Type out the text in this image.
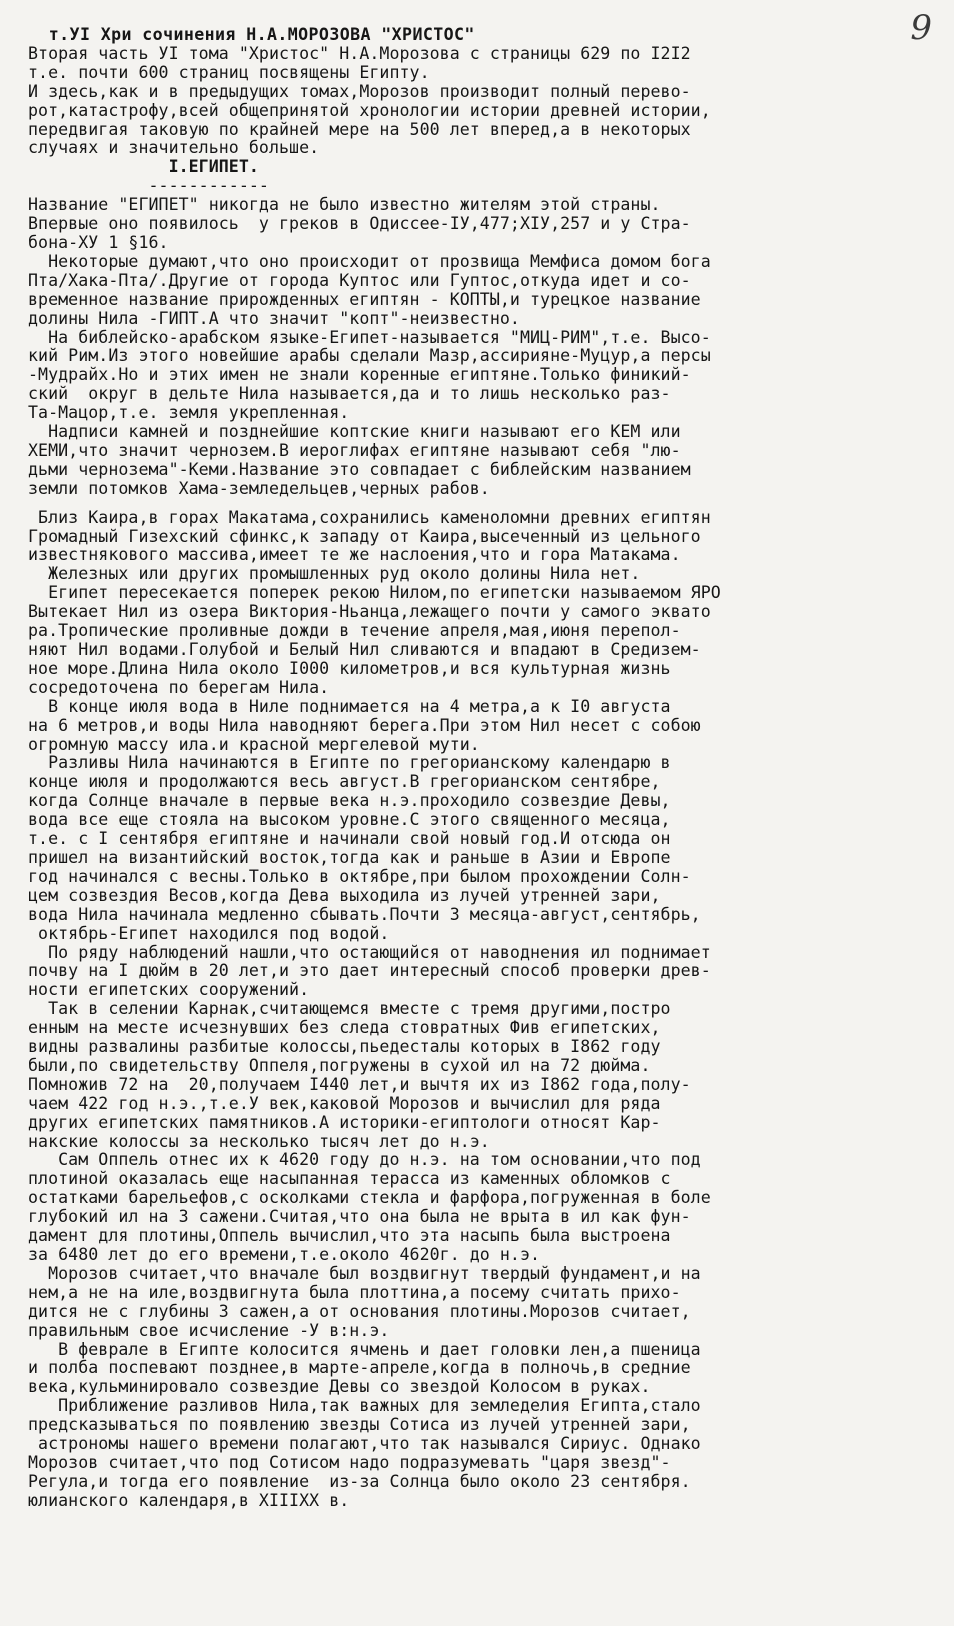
9

т.УI Хри сочинения Н.А.МОРОЗОВА "ХРИСТОС"

Вторая часть УI тома "Христос" Н.А.Морозова с страницы 629 по I2I2

т.е. почти 600 страниц посвящены Египту.

И здесь,как и в предыдущих томах,Морозов производит полный перево-

рот,катастрофу,всей общепринятой хронологии истории древней истории,

передвигая таковую по крайней мере на 500 лет вперед,а в некоторых

случаях и значительно больше.

I.ЕГИПЕТ.

------------

Название "ЕГИПЕТ" никогда не было известно жителям этой страны.

Впервые оно появилось  у греков в Одиссее-IУ,477;ХIУ,257 и у Стра-

бона-ХУ 1 §16.

Некоторые думают,что оно происходит от прозвища Мемфиса домом бога

Пта/Хака-Пта/.Другие от города Куптос или Гуптос,откуда идет и со-

временное название прирожденных египтян - КОПТЫ,и турецкое название

долины Нила -ГИПТ.А что значит "копт"-неизвестно.

На библейско-арабском языке-Египет-называется "МИЦ-РИМ",т.е. Высо-

кий Рим.Из этого новейшие арабы сделали Мазр,ассирияне-Муцур,а персы

-Мудрайх.Но и этих имен не знали коренные египтяне.Только финикий-

ский  округ в дельте Нила называется,да и то лишь несколько раз-

Та-Мацор,т.е. земля укрепленная.

Надписи камней и позднейшие коптские книги называют его КЕМ или

ХЕМИ,что значит чернозем.В иероглифах египтяне называют себя "лю-

дьми чернозема"-Кеми.Название это совпадает с библейским названием

земли потомков Хама-земледельцев,черных рабов.

Близ Каира,в горах Макатама,сохранились каменоломни древних египтян

Громадный Гизехский сфинкс,к западу от Каира,высеченный из цельного

известнякового массива,имеет те же наслоения,что и гора Матакама.

Железных или других промышленных руд около долины Нила нет.

Египет пересекается поперек рекою Нилом,по египетски называемом ЯРО

Вытекает Нил из озера Виктория-Ньанца,лежащего почти у самого эквато

ра.Тропические проливные дожди в течение апреля,мая,июня перепол-

няют Нил водами.Голубой и Белый Нил сливаются и впадают в Средизем-

ное море.Длина Нила около I000 километров,и вся культурная жизнь

сосредоточена по берегам Нила.

В конце июля вода в Ниле поднимается на 4 метра,а к I0 августа

на 6 метров,и воды Нила наводняют берега.При этом Нил несет с собою

огромную массу ила.и красной мергелевой мути.

Разливы Нила начинаются в Египте по грегорианскому календарю в

конце июля и продолжаются весь август.В грегорианском сентябре,

когда Солнце вначале в первые века н.э.проходило созвездие Девы,

вода все еще стояла на высоком уровне.С этого священного месяца,

т.е. с I сентября египтяне и начинали свой новый год.И отсюда он

пришел на византийский восток,тогда как и раньше в Азии и Европе

год начинался с весны.Только в октябре,при былом прохождении Солн-

цем созвездия Весов,когда Дева выходила из лучей утренней зари,

вода Нила начинала медленно сбывать.Почти 3 месяца-август,сентябрь,

октябрь-Египет находился под водой.

По ряду наблюдений нашли,что остающийся от наводнения ил поднимает

почву на I дюйм в 20 лет,и это дает интересный способ проверки древ-

ности египетских сооружений.

Так в селении Карнак,считающемся вместе с тремя другими,постро

енным на месте исчезнувших без следа стовратных Фив египетских,

видны развалины разбитые колоссы,пьедесталы которых в I862 году

были,по свидетельству Оппеля,погружены в сухой ил на 72 дюйма.

Помножив 72 на  20,получаем I440 лет,и вычтя их из I862 года,полу-

чаем 422 год н.э.,т.е.У век,каковой Морозов и вычислил для ряда

других египетских памятников.А историки-египтологи относят Кар-

накские колоссы за несколько тысяч лет до н.э.

Сам Оппель отнес их к 4620 году до н.э. на том основании,что под

плотиной оказалась еще насыпанная терасса из каменных обломков с

остатками барельефов,с осколками стекла и фарфора,погруженная в боле

глубокий ил на 3 сажени.Считая,что она была не врыта в ил как фун-

дамент для плотины,Оппель вычислил,что эта насыпь была выстроена

за 6480 лет до его времени,т.е.около 4620г. до н.э.

Морозов считает,что вначале был воздвигнут твердый фундамент,и на

нем,а не на иле,воздвигнута была плоттина,а посему считать прихо-

дится не с глубины 3 сажен,а от основания плотины.Морозов считает,

правильным свое исчисление -У в:н.э.

В феврале в Египте колосится ячмень и дает головки лен,а пшеница

и полба поспевают позднее,в марте-апреле,когда в полночь,в средние

века,кульминировало созвездие Девы со звездой Колосом в руках.

Приближение разливов Нила,так важных для земледелия Египта,стало

предсказываться по появлению звезды Сотиса из лучей утренней зари,

астрономы нашего времени полагают,что так назывался Сириус. Однако

Морозов считает,что под Сотисом надо подразумевать "царя звезд"-

Регула,и тогда его появление  из-за Солнца было около 23 сентября.

юлианского календаря,в ХIIIХХ в.
